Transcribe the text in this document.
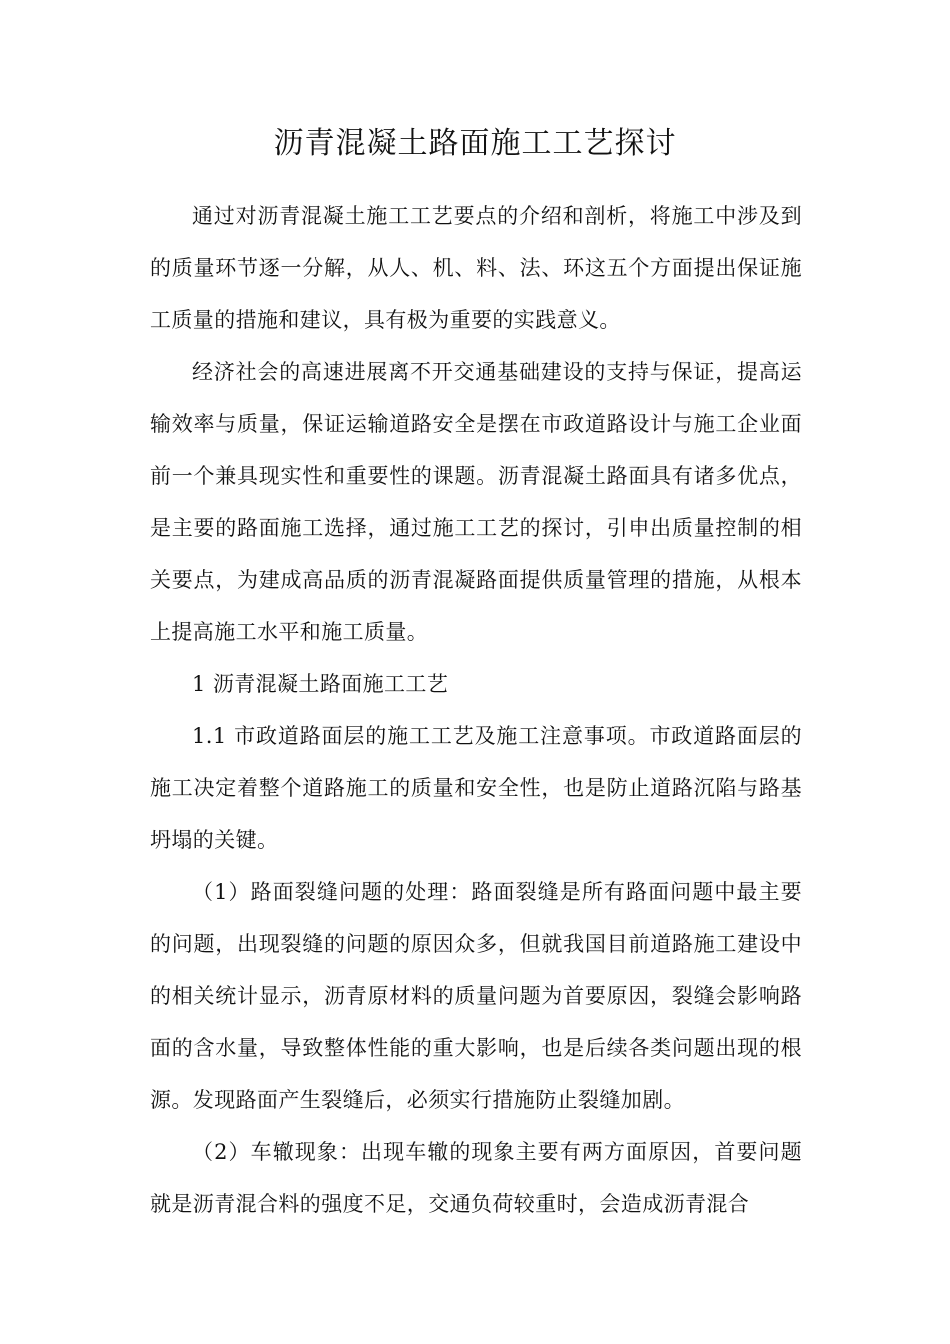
沥青混凝土路面施工工艺探讨

通过对沥青混凝土施工工艺要点的介绍和剖析，将施工中涉及到的质量环节逐一分解，从人、机、料、法、环这五个方面提出保证施工质量的措施和建议，具有极为重要的实践意义。

经济社会的高速进展离不开交通基础建设的支持与保证，提高运输效率与质量，保证运输道路安全是摆在市政道路设计与施工企业面前一个兼具现实性和重要性的课题。沥青混凝土路面具有诸多优点，是主要的路面施工选择，通过施工工艺的探讨，引申出质量控制的相关要点，为建成高品质的沥青混凝路面提供质量管理的措施，从根本上提高施工水平和施工质量。

1 沥青混凝土路面施工工艺

1.1 市政道路面层的施工工艺及施工注意事项。市政道路面层的施工决定着整个道路施工的质量和安全性，也是防止道路沉陷与路基坍塌的关键。

（1）路面裂缝问题的处理：路面裂缝是所有路面问题中最主要的问题，出现裂缝的问题的原因众多，但就我国目前道路施工建设中的相关统计显示，沥青原材料的质量问题为首要原因，裂缝会影响路面的含水量，导致整体性能的重大影响，也是后续各类问题出现的根源。发现路面产生裂缝后，必须实行措施防止裂缝加剧。

（2）车辙现象：出现车辙的现象主要有两方面原因，首要问题就是沥青混合料的强度不足，交通负荷较重时，会造成沥青混合
